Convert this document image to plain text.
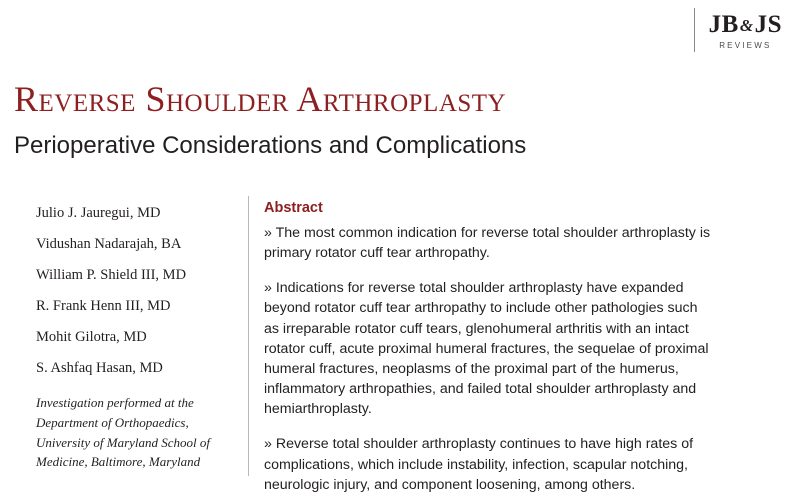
JB & JS
REVIEWS
Reverse Shoulder Arthroplasty
Perioperative Considerations and Complications
Julio J. Jauregui, MD
Vidushan Nadarajah, BA
William P. Shield III, MD
R. Frank Henn III, MD
Mohit Gilotra, MD
S. Ashfaq Hasan, MD
Investigation performed at the Department of Orthopaedics, University of Maryland School of Medicine, Baltimore, Maryland
Abstract

» The most common indication for reverse total shoulder arthroplasty is primary rotator cuff tear arthropathy.

» Indications for reverse total shoulder arthroplasty have expanded beyond rotator cuff tear arthropathy to include other pathologies such as irreparable rotator cuff tears, glenohumeral arthritis with an intact rotator cuff, acute proximal humeral fractures, the sequelae of proximal humeral fractures, neoplasms of the proximal part of the humerus, inflammatory arthropathies, and failed total shoulder arthroplasty and hemiarthroplasty.

» Reverse total shoulder arthroplasty continues to have high rates of complications, which include instability, infection, scapular notching, neurologic injury, and component loosening, among others.
